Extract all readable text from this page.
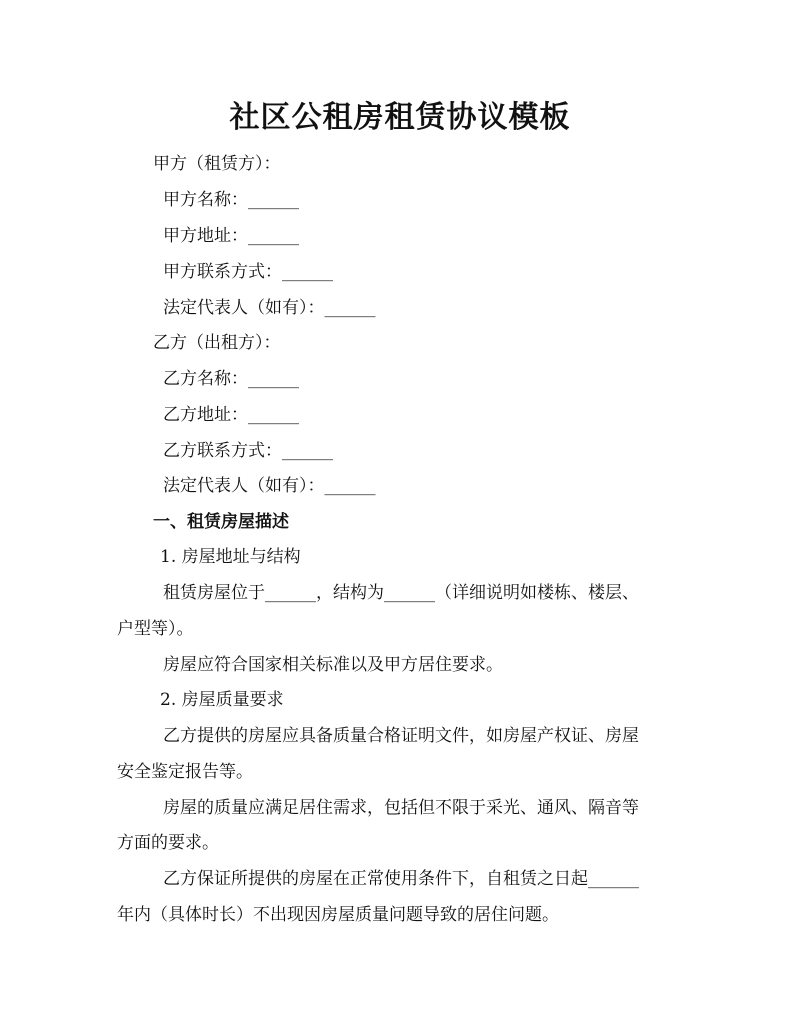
社区公租房租赁协议模板

甲方（租赁方）：

甲方名称：______

甲方地址：______

甲方联系方式：______

法定代表人（如有）：______

乙方（出租方）：

乙方名称：______

乙方地址：______

乙方联系方式：______

法定代表人（如有）：______

一、租赁房屋描述

1. 房屋地址与结构

租赁房屋位于______，结构为______（详细说明如楼栋、楼层、

户型等）。

房屋应符合国家相关标准以及甲方居住要求。

2. 房屋质量要求

乙方提供的房屋应具备质量合格证明文件，如房屋产权证、房屋

安全鉴定报告等。

房屋的质量应满足居住需求，包括但不限于采光、通风、隔音等

方面的要求。

乙方保证所提供的房屋在正常使用条件下，自租赁之日起______

年内（具体时长）不出现因房屋质量问题导致的居住问题。
